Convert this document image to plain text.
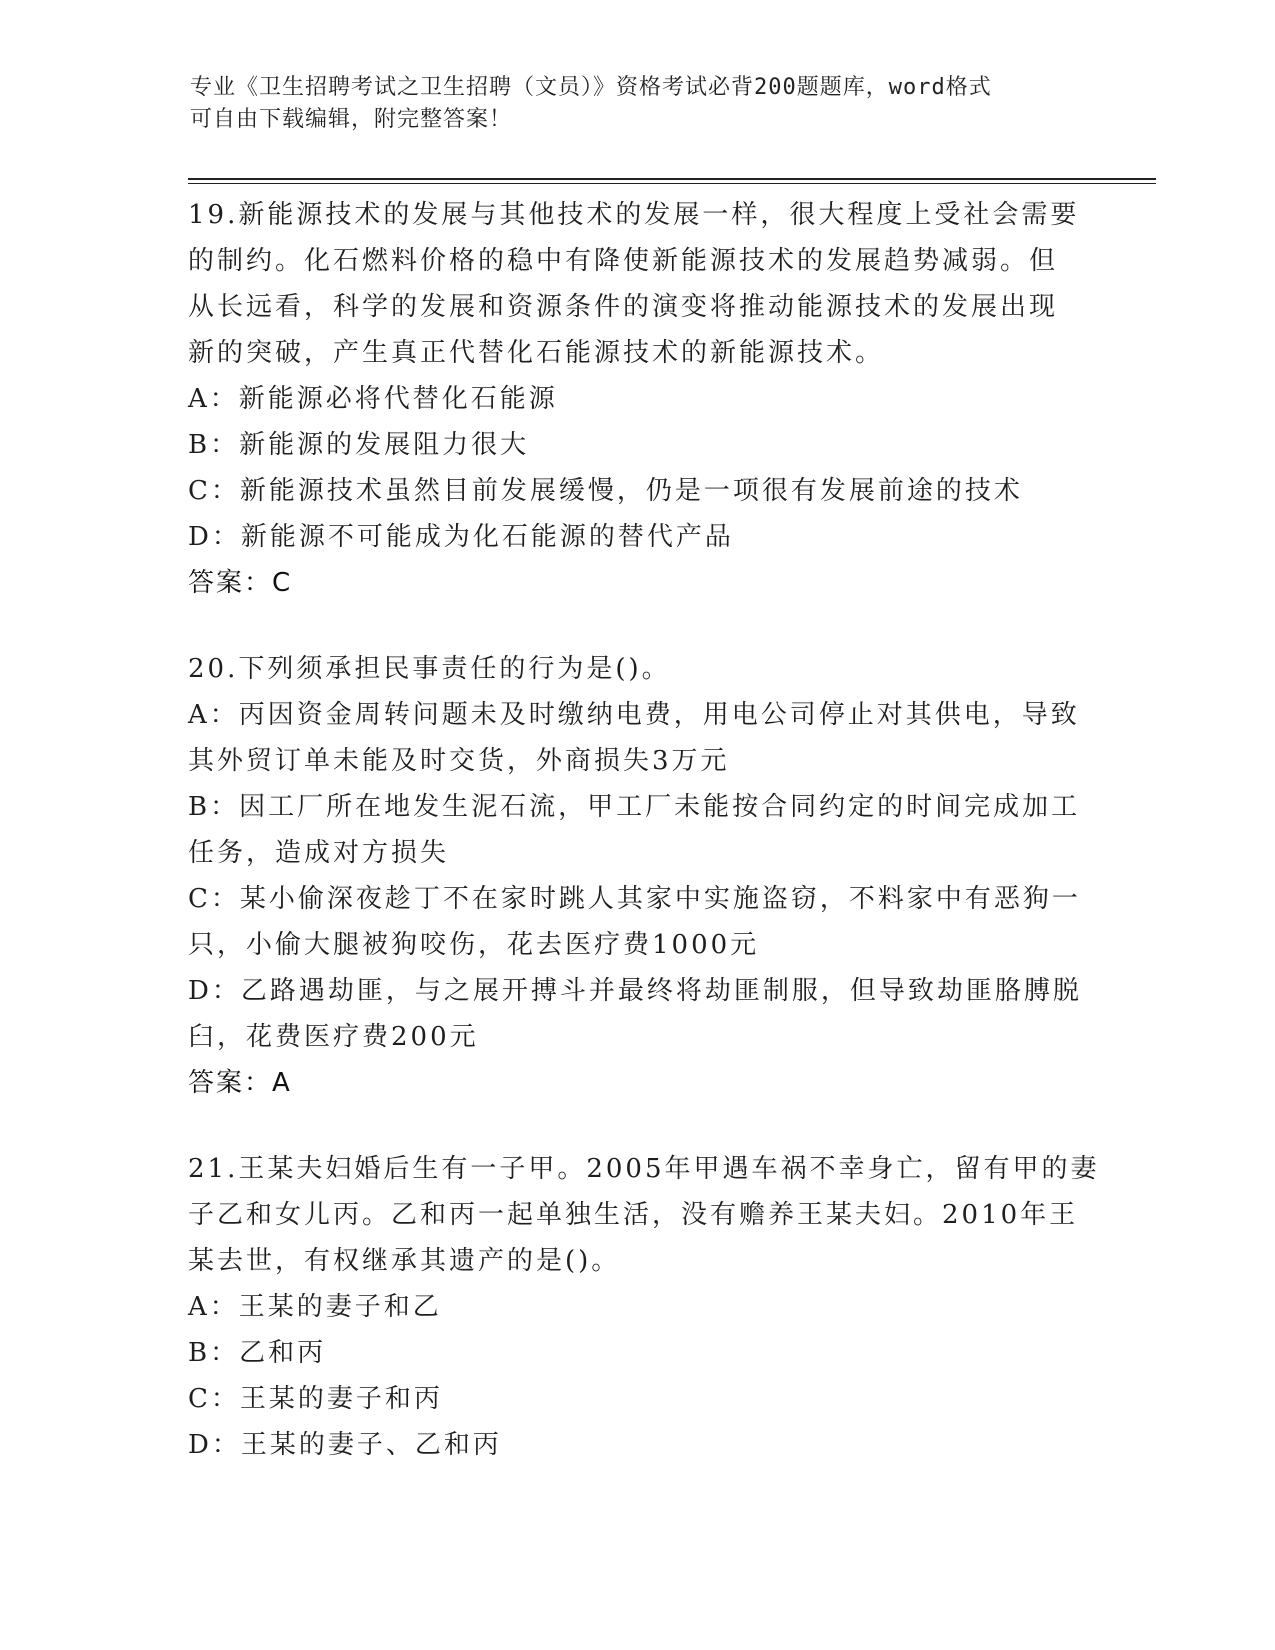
专业《卫生招聘考试之卫生招聘（文员）》资格考试必背200题题库，word格式
可自由下载编辑，附完整答案！
19.新能源技术的发展与其他技术的发展一样，很大程度上受社会需要
的制约。化石燃料价格的稳中有降使新能源技术的发展趋势减弱。但
从长远看，科学的发展和资源条件的演变将推动能源技术的发展出现
新的突破，产生真正代替化石能源技术的新能源技术。
A：新能源必将代替化石能源
B：新能源的发展阻力很大
C：新能源技术虽然目前发展缓慢，仍是一项很有发展前途的技术
D：新能源不可能成为化石能源的替代产品
答案：C
20.下列须承担民事责任的行为是()。
A：丙因资金周转问题未及时缴纳电费，用电公司停止对其供电，导致
其外贸订单未能及时交货，外商损失3万元
B：因工厂所在地发生泥石流，甲工厂未能按合同约定的时间完成加工
任务，造成对方损失
C：某小偷深夜趁丁不在家时跳人其家中实施盗窃，不料家中有恶狗一
只，小偷大腿被狗咬伤，花去医疗费1000元
D：乙路遇劫匪，与之展开搏斗并最终将劫匪制服，但导致劫匪胳膊脱
臼，花费医疗费200元
答案：A
21.王某夫妇婚后生有一子甲。2005年甲遇车祸不幸身亡，留有甲的妻
子乙和女儿丙。乙和丙一起单独生活，没有赡养王某夫妇。2010年王
某去世，有权继承其遗产的是()。
A：王某的妻子和乙
B：乙和丙
C：王某的妻子和丙
D：王某的妻子、乙和丙
